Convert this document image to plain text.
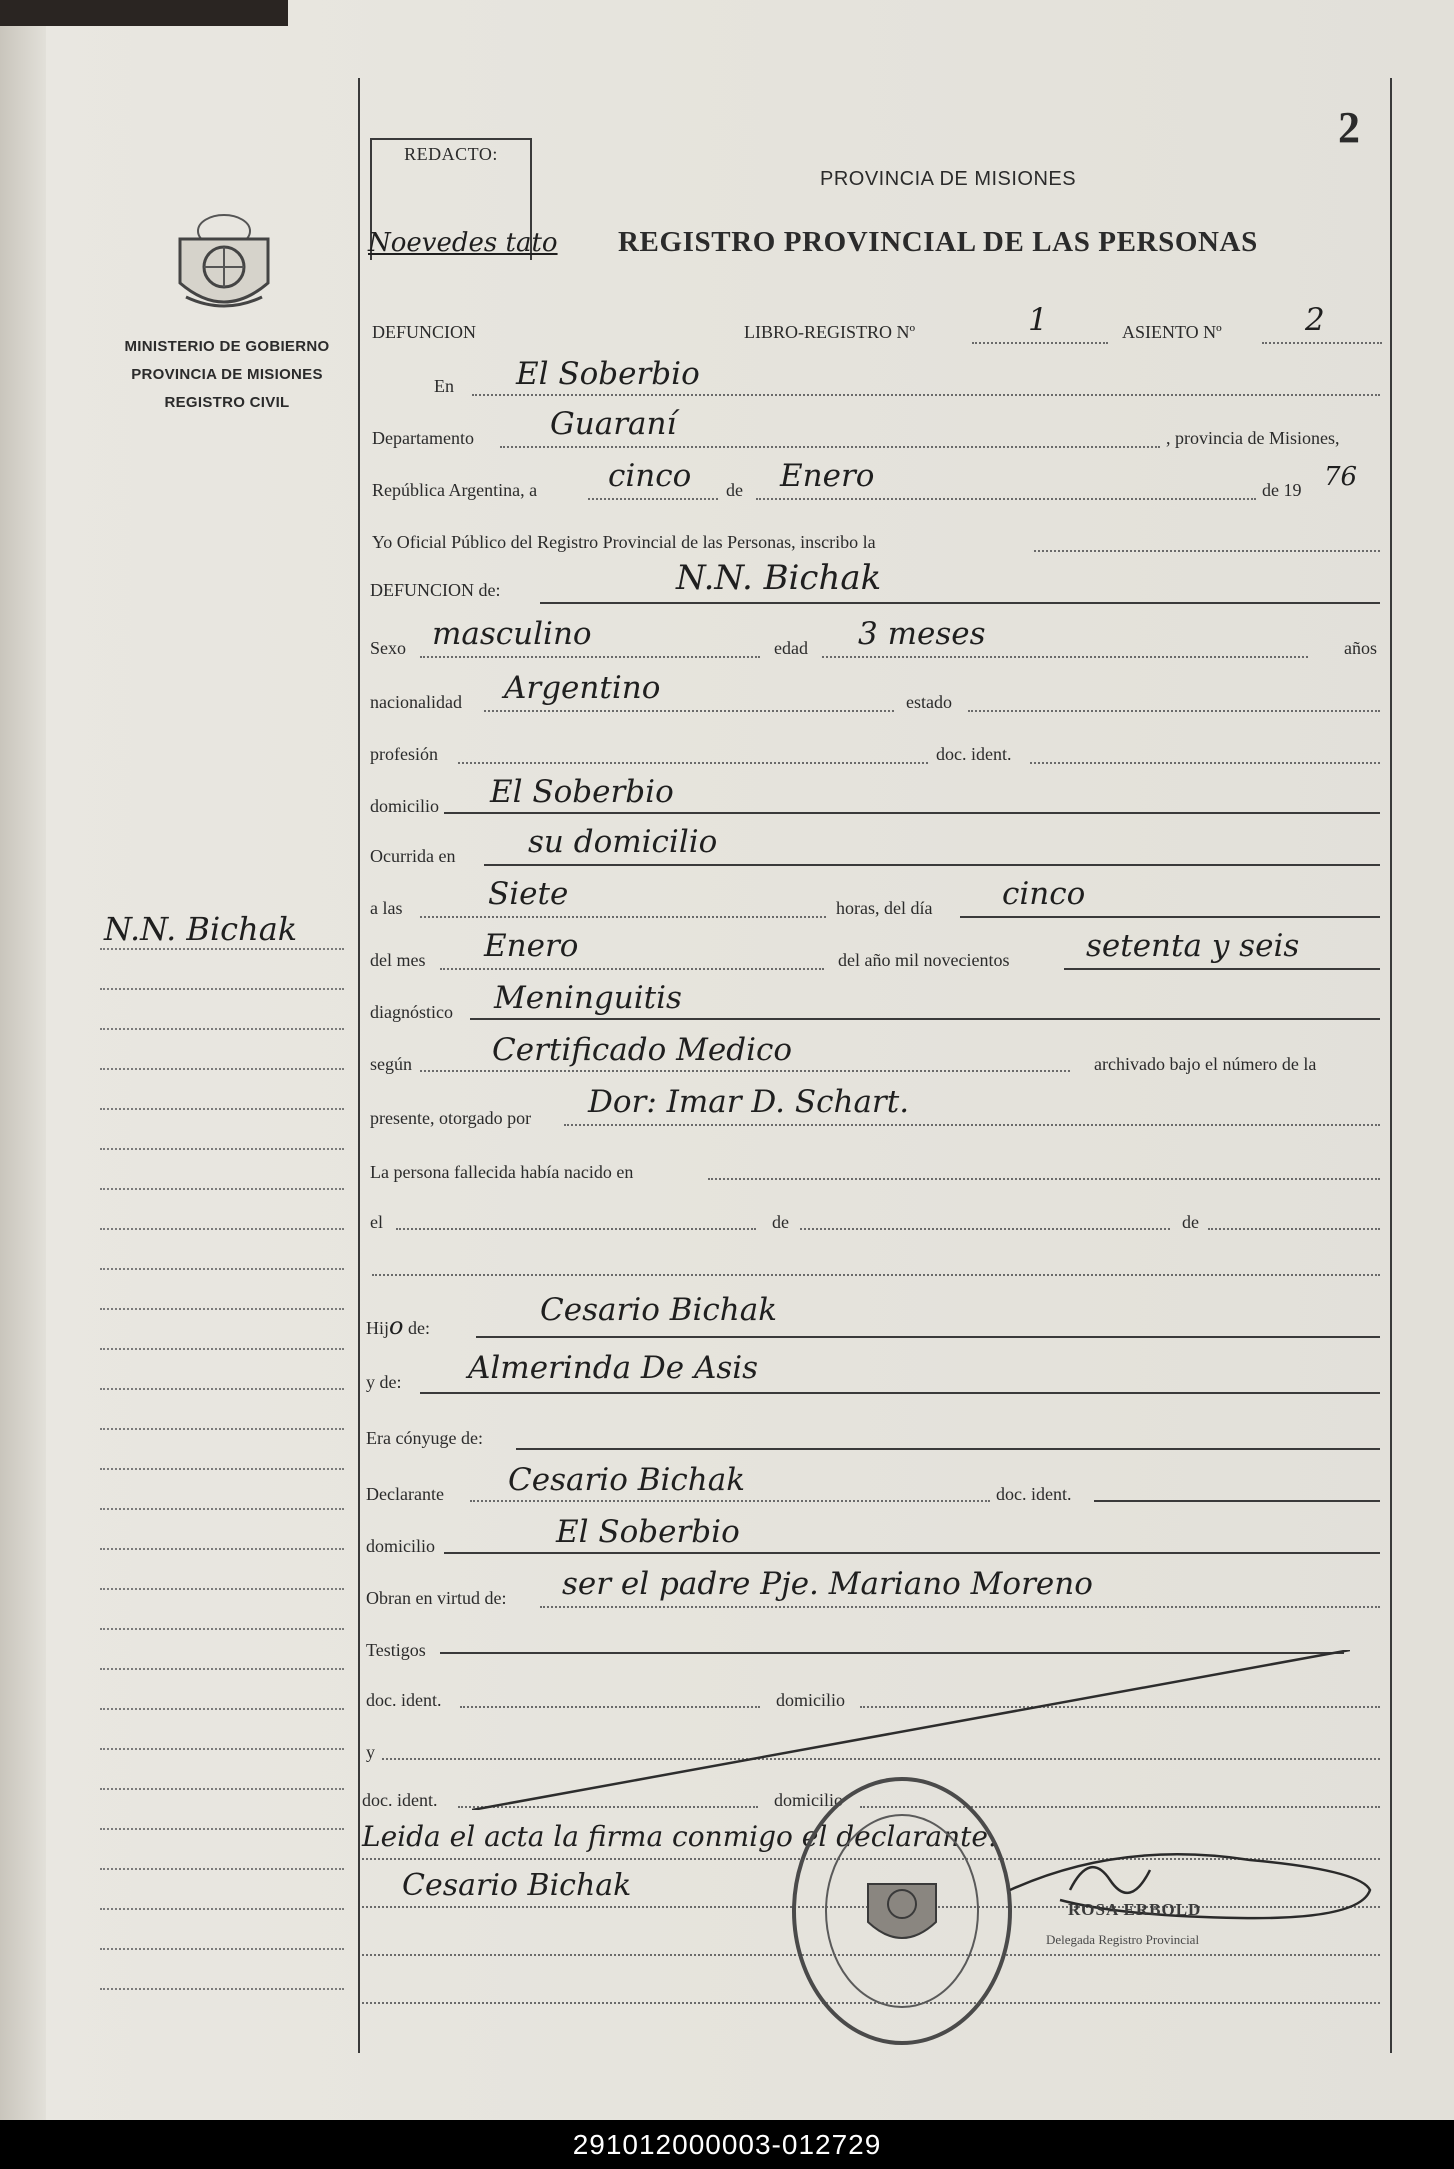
2
REDACTO:
Noevedes tato
PROVINCIA DE MISIONES
REGISTRO PROVINCIAL DE LAS PERSONAS
MINISTERIO DE GOBIERNO
PROVINCIA DE MISIONES
REGISTRO CIVIL
N.N. Bichak
DEFUNCION	LIBRO-REGISTRO Nº	1	ASIENTO Nº	2
En El Soberbio
Departamento Guaraní	, provincia de Misiones,
República Argentina, a cinco de Enero	de 19 76
Yo Oficial Público del Registro Provincial de las Personas, inscribo la
DEFUNCION de:	N.N. Bichak
Sexo masculino	edad 3 meses	años
nacionalidad Argentino	estado
profesión	doc. ident.
domicilio El Soberbio
Ocurrida en su domicilio
a las	Siete	horas, del día cinco
del mes Enero	del año mil novecientos setenta y seis
diagnóstico Meninguitis
según	Certificado Medico	archivado bajo el número de la
presente, otorgado por Dor: Imar D. Schart.
La persona fallecida había nacido en
el	de	de
Hijo de:	Cesario Bichak
y de: Almerinda De Asis
Era cónyuge de:
Declarante Cesario Bichak	doc. ident.
domicilio	El Soberbio
Obran en virtud de: ser el padre Pje. Mariano Moreno
Testigos
doc. ident.	domicilio
y
doc. ident.	domicilio
Leida el acta la firma conmigo el declarante.
Cesario Bichak
ROSA ERBOLD
Delegada Registro Provincial
291012000003-012729
